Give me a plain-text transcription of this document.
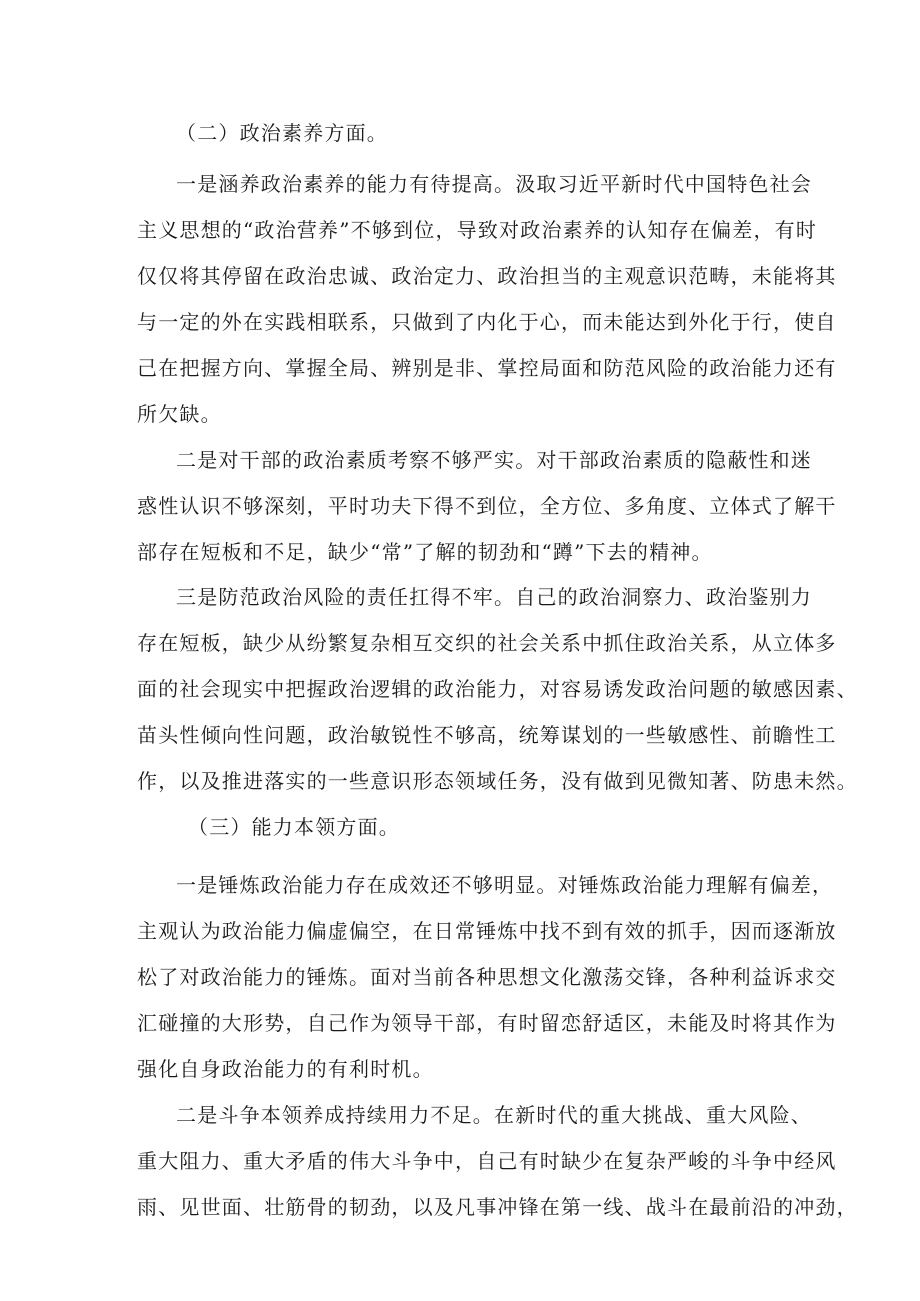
（二）政治素养方面。
一是涵养政治素养的能力有待提高。汲取习近平新时代中国特色社会
主义思想的“政治营养”不够到位，导致对政治素养的认知存在偏差，有时
仅仅将其停留在政治忠诚、政治定力、政治担当的主观意识范畴，未能将其
与一定的外在实践相联系，只做到了内化于心，而未能达到外化于行，使自
己在把握方向、掌握全局、辨别是非、掌控局面和防范风险的政治能力还有
所欠缺。
二是对干部的政治素质考察不够严实。对干部政治素质的隐蔽性和迷
惑性认识不够深刻，平时功夫下得不到位，全方位、多角度、立体式了解干
部存在短板和不足，缺少“常”了解的韧劲和“蹲”下去的精神。
三是防范政治风险的责任扛得不牢。自己的政治洞察力、政治鉴别力
存在短板，缺少从纷繁复杂相互交织的社会关系中抓住政治关系，从立体多
面的社会现实中把握政治逻辑的政治能力，对容易诱发政治问题的敏感因素、
苗头性倾向性问题，政治敏锐性不够高，统筹谋划的一些敏感性、前瞻性工
作，以及推进落实的一些意识形态领域任务，没有做到见微知著、防患未然。
（三）能力本领方面。
一是锤炼政治能力存在成效还不够明显。对锤炼政治能力理解有偏差，
主观认为政治能力偏虚偏空，在日常锤炼中找不到有效的抓手，因而逐渐放
松了对政治能力的锤炼。面对当前各种思想文化激荡交锋，各种利益诉求交
汇碰撞的大形势，自己作为领导干部，有时留恋舒适区，未能及时将其作为
强化自身政治能力的有利时机。
二是斗争本领养成持续用力不足。在新时代的重大挑战、重大风险、
重大阻力、重大矛盾的伟大斗争中，自己有时缺少在复杂严峻的斗争中经风
雨、见世面、壮筋骨的韧劲，以及凡事冲锋在第一线、战斗在最前沿的冲劲，
